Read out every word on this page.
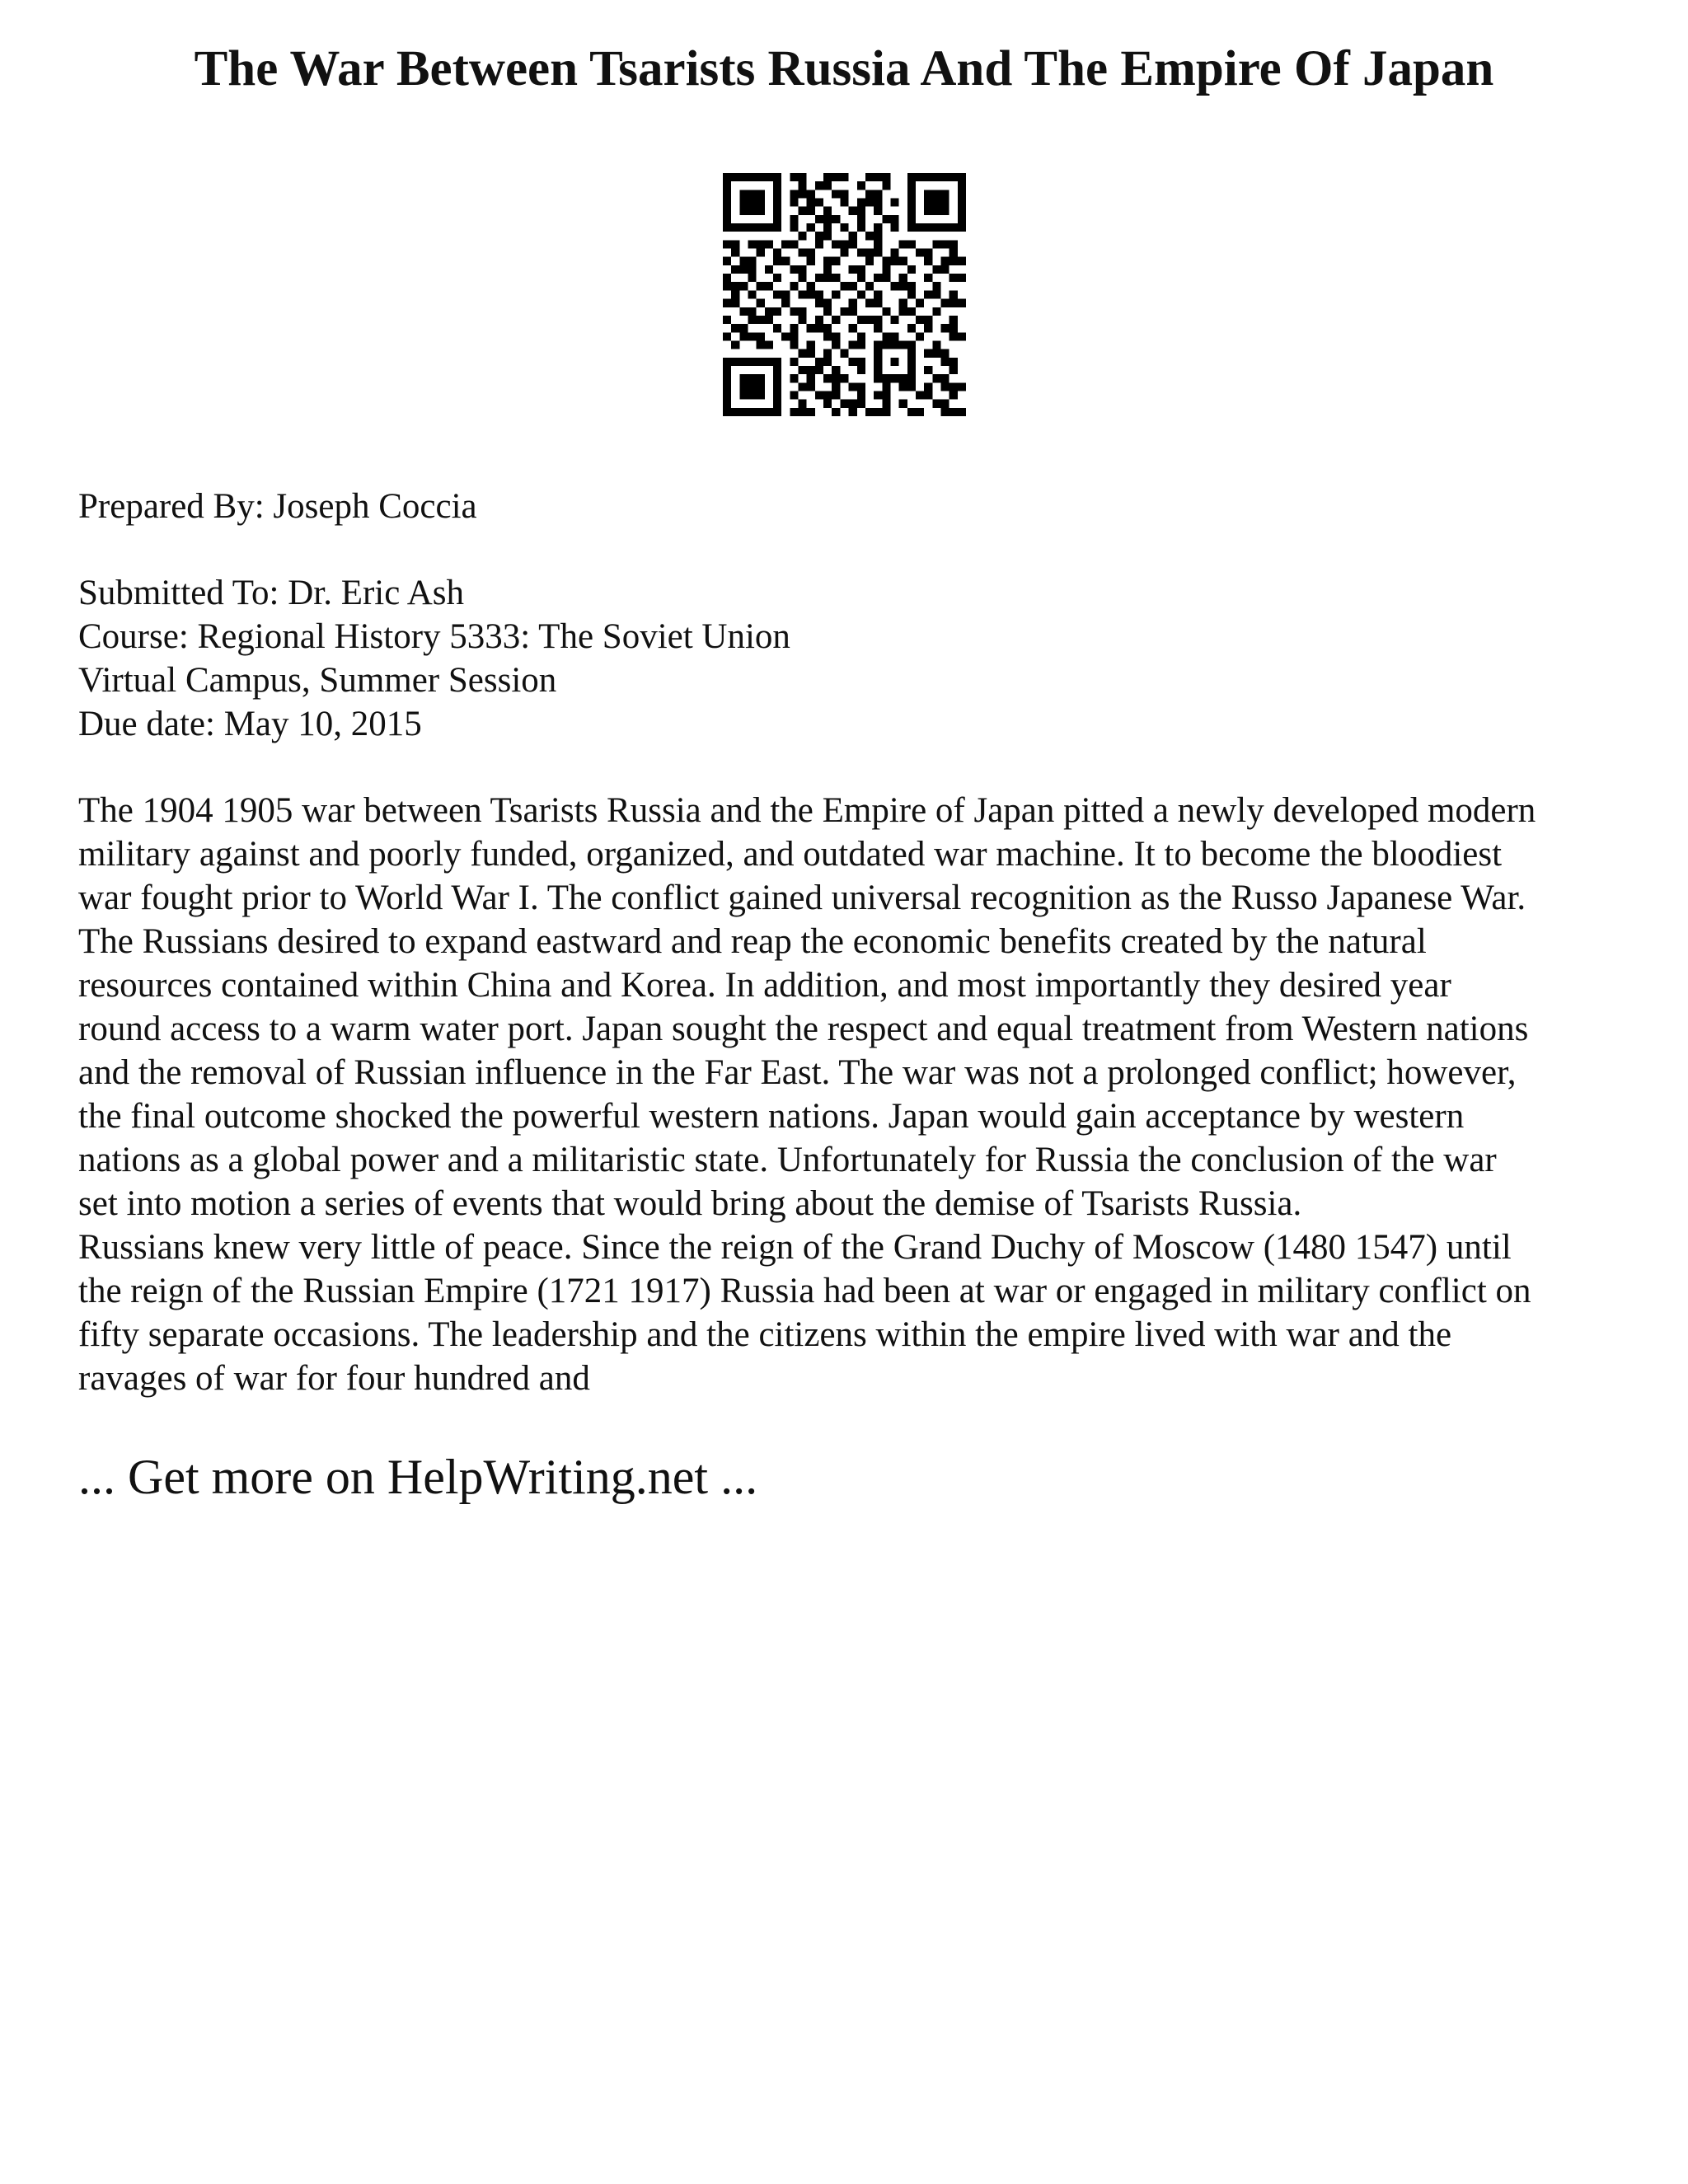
The War Between Tsarists Russia And The Empire Of Japan
Prepared By: Joseph Coccia
Submitted To: Dr. Eric Ash
Course: Regional History 5333: The Soviet Union
Virtual Campus, Summer Session
Due date: May 10, 2015
The 1904 1905 war between Tsarists Russia and the Empire of Japan pitted a newly developed modern
military against and poorly funded, organized, and outdated war machine. It to become the bloodiest
war fought prior to World War I. The conflict gained universal recognition as the Russo Japanese War.
The Russians desired to expand eastward and reap the economic benefits created by the natural
resources contained within China and Korea. In addition, and most importantly they desired year
round access to a warm water port. Japan sought the respect and equal treatment from Western nations
and the removal of Russian influence in the Far East. The war was not a prolonged conflict; however,
the final outcome shocked the powerful western nations. Japan would gain acceptance by western
nations as a global power and a militaristic state. Unfortunately for Russia the conclusion of the war
set into motion a series of events that would bring about the demise of Tsarists Russia.
Russians knew very little of peace. Since the reign of the Grand Duchy of Moscow (1480 1547) until
the reign of the Russian Empire (1721 1917) Russia had been at war or engaged in military conflict on
fifty separate occasions. The leadership and the citizens within the empire lived with war and the
ravages of war for four hundred and
... Get more on HelpWriting.net ...
